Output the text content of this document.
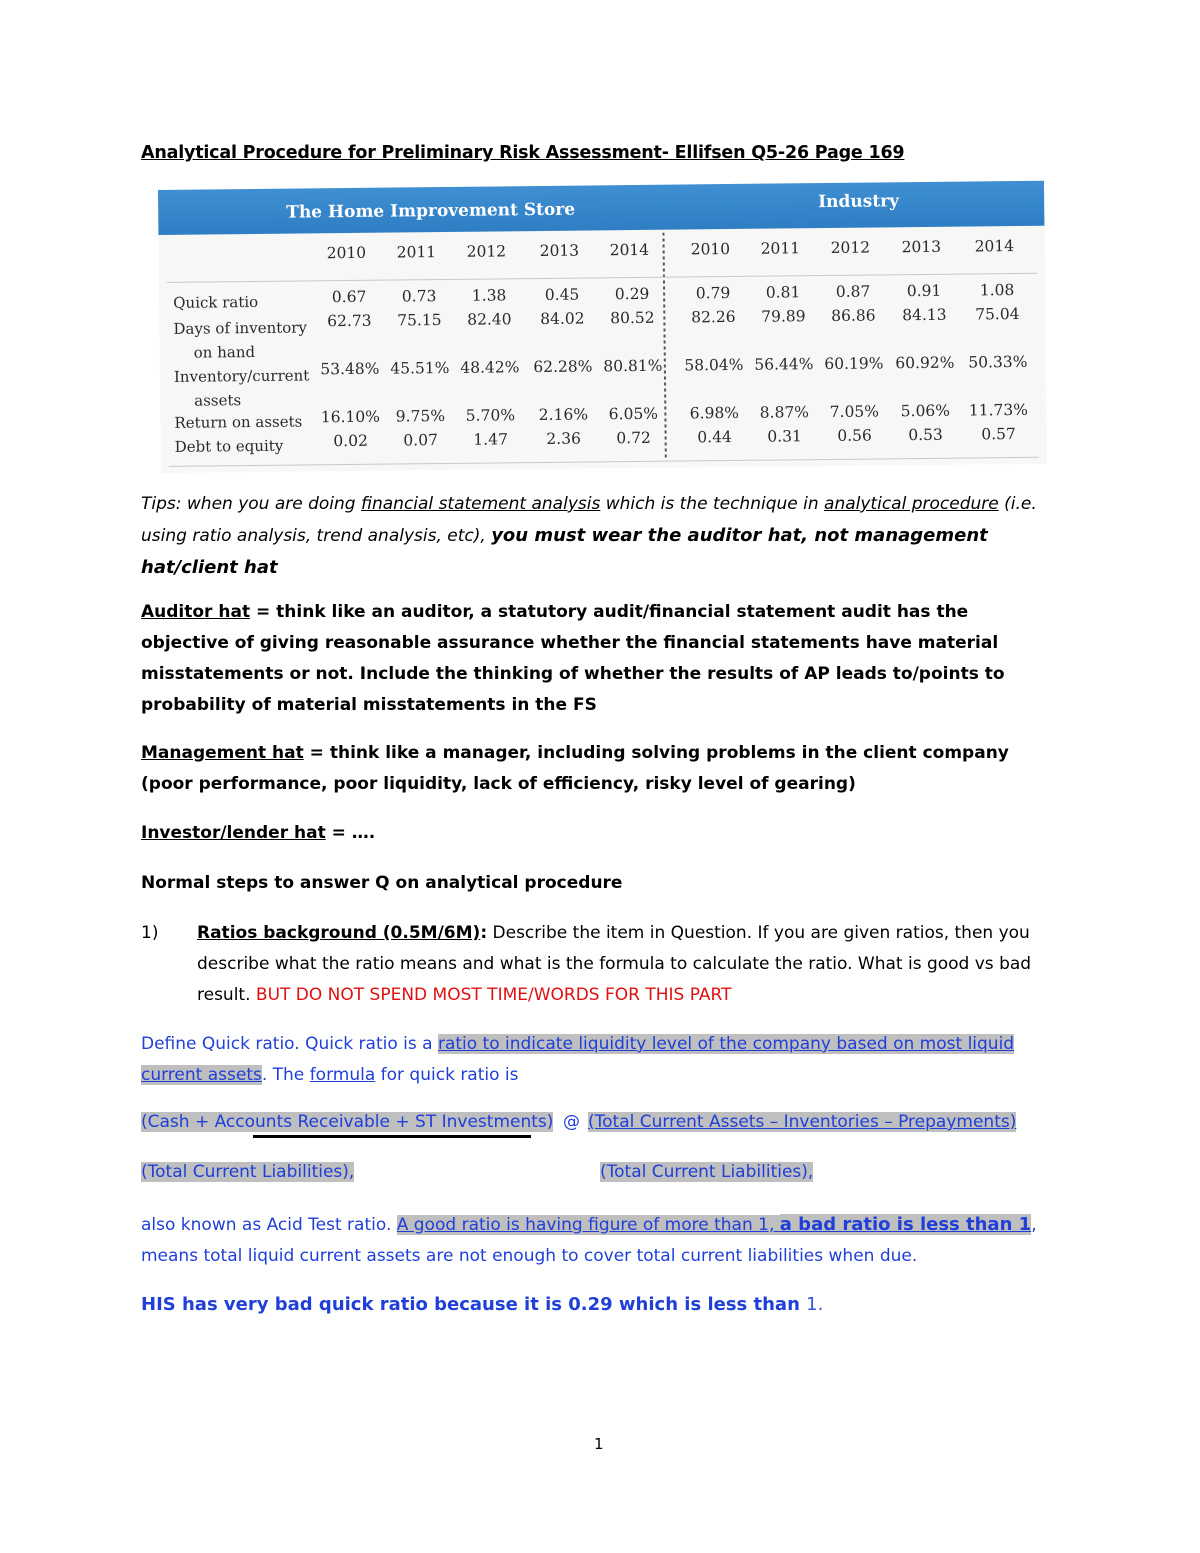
Analytical Procedure for Preliminary Risk Assessment- Ellifsen Q5-26 Page 169
The Home Improvement Store	Industry
2010 2011 2012 2013 2014	2010 2011 2012 2013 2014
Quick ratio	0.67	0.73	1.38	0.45	0.29	0.79	0.81	0.87	0.91	1.08
Days of inventory
on hand
62.73	75.15	82.40	84.02	80.52	82.26	79.89	86.86	84.13	75.04
Inventory/current
assets
53.48% 45.51% 48.42% 62.28% 80.81%	58.04% 56.44% 60.19% 60.92% 50.33%
Return on assets	16.10%	9.75%	5.70%	2.16%	6.05%	6.98%	8.87%	7.05%	5.06%	11.73%
Debt to equity	0.02	0.07	1.47	2.36	0.72	0.44	0.31	0.56	0.53	0.57
Tips: when you are doing financial statement analysis which is the technique in analytical procedure (i.e. using ratio analysis, trend analysis, etc), you must wear the auditor hat, not management hat/client hat
Auditor hat = think like an auditor, a statutory audit/financial statement audit has the objective of giving reasonable assurance whether the financial statements have material misstatements or not. Include the thinking of whether the results of AP leads to/points to probability of material misstatements in the FS
Management hat = think like a manager, including solving problems in the client company (poor performance, poor liquidity, lack of efficiency, risky level of gearing)
Investor/lender hat = ….
Normal steps to answer Q on analytical procedure
1) Ratios background (0.5M/6M): Describe the item in Question. If you are given ratios, then you describe what the ratio means and what is the formula to calculate the ratio. What is good vs bad result. BUT DO NOT SPEND MOST TIME/WORDS FOR THIS PART
Define Quick ratio. Quick ratio is a ratio to indicate liquidity level of the company based on most liquid current assets. The formula for quick ratio is
(Cash + Accounts Receivable + ST Investments) @ (Total Current Assets – Inventories – Prepayments)
(Total Current Liabilities),	(Total Current Liabilities),
also known as Acid Test ratio. A good ratio is having figure of more than 1, a bad ratio is less than 1, means total liquid current assets are not enough to cover total current liabilities when due.
HIS has very bad quick ratio because it is 0.29 which is less than 1.
1
